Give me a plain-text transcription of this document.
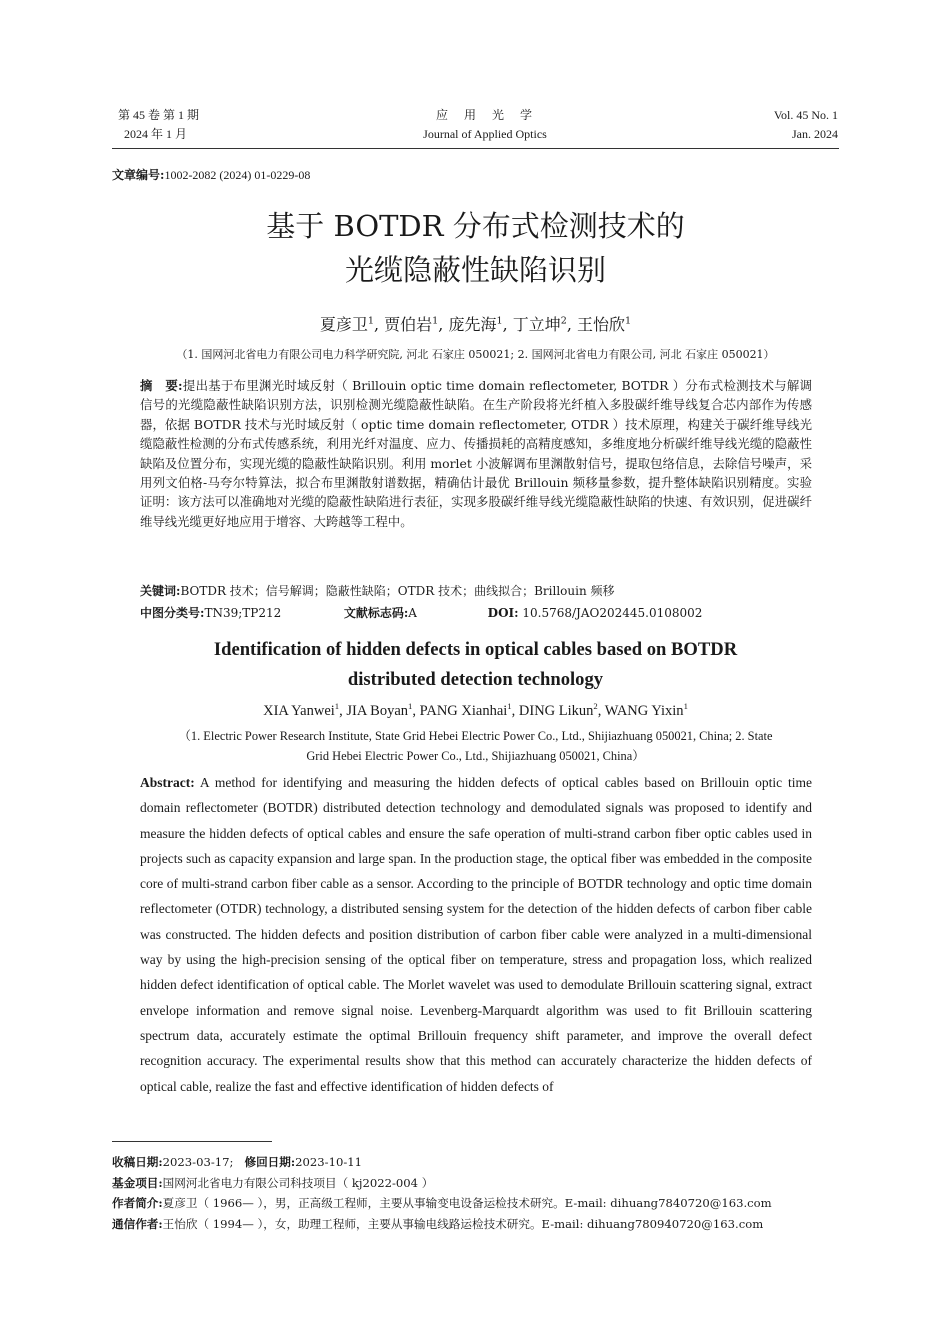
第 45 卷 第 1 期
2024 年 1 月
应　用　光　学
Journal of Applied Optics
Vol. 45 No. 1
Jan. 2024
文章编号:1002-2082 (2024) 01-0229-08
基于 BOTDR 分布式检测技术的
光缆隐蔽性缺陷识别
夏彦卫$^1$, 贾伯岩$^1$, 庞先海$^1$, 丁立坤$^2$, 王怡欣$^1$
（1. 国网河北省电力有限公司电力科学研究院, 河北 石家庄 050021; 2. 国网河北省电力有限公司, 河北 石家庄 050021）
摘　要:提出基于布里渊光时域反射（ Brillouin optic time domain reflectometer, BOTDR ）分布式检测技术与解调信号的光缆隐蔽性缺陷识别方法，识别检测光缆隐蔽性缺陷。在生产阶段将光纤植入多股碳纤维导线复合芯内部作为传感器，依据 BOTDR 技术与光时域反射（ optic time domain reflectometer, OTDR ）技术原理，构建关于碳纤维导线光缆隐蔽性检测的分布式传感系统，利用光纤对温度、应力、传播损耗的高精度感知，多维度地分析碳纤维导线光缆的隐蔽性缺陷及位置分布，实现光缆的隐蔽性缺陷识别。利用 morlet 小波解调布里渊散射信号，提取包络信息，去除信号噪声，采用列文伯格-马夸尔特算法，拟合布里渊散射谱数据，精确估计最优 Brillouin 频移量参数，提升整体缺陷识别精度。实验证明：该方法可以准确地对光缆的隐蔽性缺陷进行表征，实现多股碳纤维导线光缆隐蔽性缺陷的快速、有效识别，促进碳纤维导线光缆更好地应用于增容、大跨越等工程中。
关键词:BOTDR 技术；信号解调；隐蔽性缺陷；OTDR 技术；曲线拟合；Brillouin 频移
中图分类号:TN39;TP212	文献标志码:A	DOI: 10.5768/JAO202445.0108002
Identification of hidden defects in optical cables based on BOTDR
distributed detection technology
XIA Yanwei$^1$, JIA Boyan$^1$, PANG Xianhai$^1$, DING Likun$^2$, WANG Yixin$^1$
（1. Electric Power Research Institute, State Grid Hebei Electric Power Co., Ltd., Shijiazhuang 050021, China; 2. State
Grid Hebei Electric Power Co., Ltd., Shijiazhuang 050021, China）
Abstract: A method for identifying and measuring the hidden defects of optical cables based on Brillouin optic time domain reflectometer (BOTDR) distributed detection technology and demodulated signals was proposed to identify and measure the hidden defects of optical cables and ensure the safe operation of multi-strand carbon fiber optic cables used in projects such as capacity expansion and large span. In the production stage, the optical fiber was embedded in the composite core of multi-strand carbon fiber cable as a sensor. According to the principle of BOTDR technology and optic time domain reflectometer (OTDR) technology, a distributed sensing system for the detection of the hidden defects of carbon fiber cable was constructed. The hidden defects and position distribution of carbon fiber cable were analyzed in a multi-dimensional way by using the high-precision sensing of the optical fiber on temperature, stress and propagation loss, which realized hidden defect identification of optical cable. The Morlet wavelet was used to demodulate Brillouin scattering signal, extract envelope information and remove signal noise. Levenberg-Marquardt algorithm was used to fit Brillouin scattering spectrum data, accurately estimate the optimal Brillouin frequency shift parameter, and improve the overall defect recognition accuracy. The experimental results show that this method can accurately characterize the hidden defects of optical cable, realize the fast and effective identification of hidden defects of
收稿日期:2023-03-17; 修回日期:2023-10-11
基金项目:国网河北省电力有限公司科技项目（ kj2022-004 ）
作者简介:夏彦卫（ 1966— ），男，正高级工程师，主要从事输变电设备运检技术研究。E-mail: dihuang7840720@163.com
通信作者:王怡欣（ 1994— ），女，助理工程师，主要从事输电线路运检技术研究。E-mail: dihuang780940720@163.com
